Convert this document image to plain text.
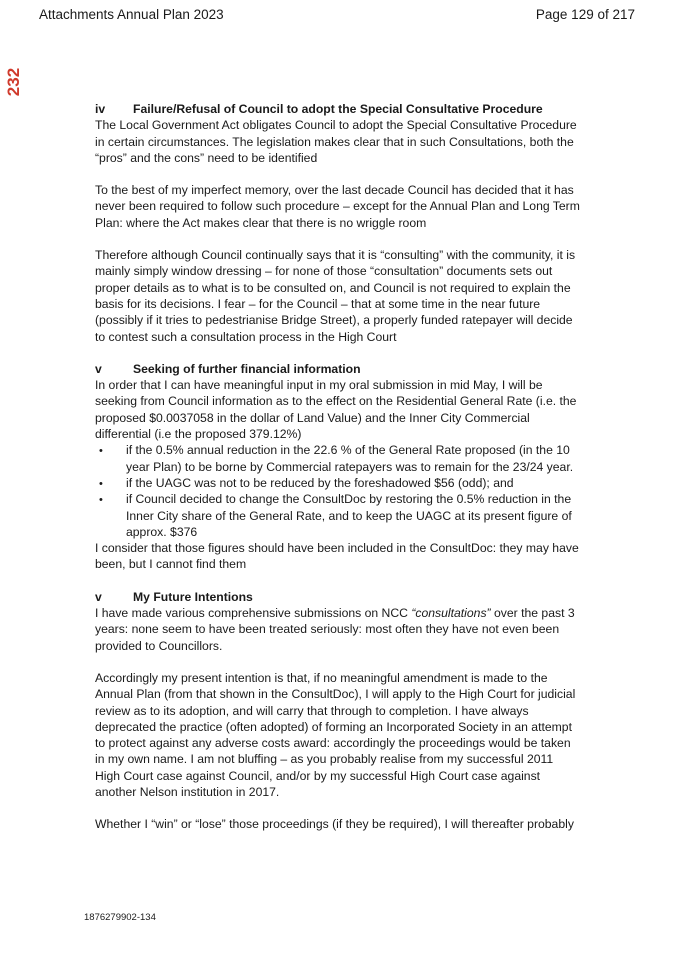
Attachments Annual Plan 2023	Page 129 of 217
232
iv	Failure/Refusal of Council to adopt the Special Consultative Procedure

The Local Government Act obligates Council to adopt the Special Consultative Procedure in certain circumstances. The legislation makes clear that in such Consultations, both the “pros” and the cons” need to be identified

To the best of my imperfect memory, over the last decade Council has decided that it has never been required to follow such procedure – except for the Annual Plan and Long Term Plan: where the Act makes clear that there is no wriggle room

Therefore although Council continually says that it is “consulting” with the community, it is mainly simply window dressing – for none of those “consultation” documents sets out proper details as to what is to be consulted on, and Council is not required to explain the basis for its decisions. I fear – for the Council – that at some time in the near future (possibly if it tries to pedestrianise Bridge Street), a properly funded ratepayer will decide to contest such a consultation process in the High Court

v	Seeking of further financial information

In order that I can have meaningful input in my oral submission in mid May, I will be seeking from Council information as to the effect on the Residential General Rate (i.e. the proposed $0.0037058 in the dollar of Land Value) and the Inner City Commercial differential (i.e the proposed 379.12%)

• if the 0.5% annual reduction in the 22.6 % of the General Rate proposed (in the 10 year Plan) to be borne by Commercial ratepayers was to remain for the 23/24 year.
• if the UAGC was not to be reduced by the foreshadowed $56 (odd); and
• if Council decided to change the ConsultDoc by restoring the 0.5% reduction in the Inner City share of the General Rate, and to keep the UAGC at its present figure of approx. $376

I consider that those figures should have been included in the ConsultDoc: they may have been, but I cannot find them

v	My Future Intentions

I have made various comprehensive submissions on NCC “consultations” over the past 3 years: none seem to have been treated seriously: most often they have not even been provided to Councillors.

Accordingly my present intention is that, if no meaningful amendment is made to the Annual Plan (from that shown in the ConsultDoc), I will apply to the High Court for judicial review as to its adoption, and will carry that through to completion. I have always deprecated the practice (often adopted) of forming an Incorporated Society in an attempt to protect against any adverse costs award: accordingly the proceedings would be taken in my own name. I am not bluffing – as you probably realise from my successful 2011 High Court case against Council, and/or by my successful High Court case against another Nelson institution in 2017.

Whether I “win” or “lose” those proceedings (if they be required), I will thereafter probably

1876279902-134
